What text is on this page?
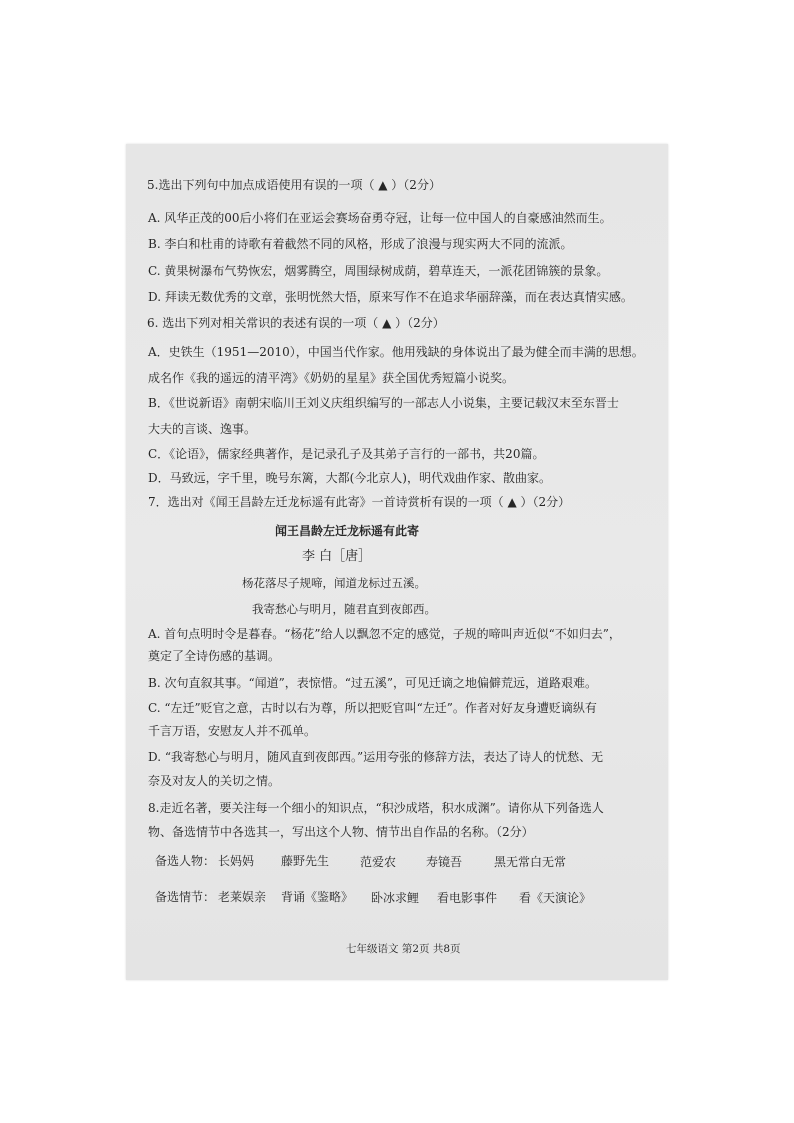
5.选出下列句中加点成语使用有误的一项（ ▲ ）（2分）
A. 风华正茂的00后小将们在亚运会赛场奋勇夺冠，让每一位中国人的自豪感油然而生。
B. 李白和杜甫的诗歌有着截然不同的风格，形成了浪漫与现实两大不同的流派。
C. 黄果树瀑布气势恢宏，烟雾腾空，周围绿树成荫，碧草连天，一派花团锦簇的景象。
D. 拜读无数优秀的文章，张明恍然大悟，原来写作不在追求华丽辞藻，而在表达真情实感。
6. 选出下列对相关常识的表述有误的一项（ ▲ ）（2分）
A．史铁生（1951—2010），中国当代作家。他用残缺的身体说出了最为健全而丰满的思想。
成名作《我的遥远的清平湾》《奶奶的星星》获全国优秀短篇小说奖。
B．《世说新语》南朝宋临川王刘义庆组织编写的一部志人小说集，主要记载汉末至东晋士
大夫的言谈、逸事。
C．《论语》，儒家经典著作，是记录孔子及其弟子言行的一部书，共20篇。
D．马致远，字千里，晚号东篱，大都(今北京人)，明代戏曲作家、散曲家。
7．选出对《闻王昌龄左迁龙标遥有此寄》一首诗赏析有误的一项（ ▲ ）（2分）
闻王昌龄左迁龙标遥有此寄
李 白［唐］
杨花落尽子规啼，闻道龙标过五溪。
我寄愁心与明月，随君直到夜郎西。
A. 首句点明时令是暮春。“杨花”给人以飘忽不定的感觉，子规的啼叫声近似“不如归去”，
奠定了全诗伤感的基调。
B. 次句直叙其事。“闻道”，表惊惜。“过五溪”，可见迁谪之地偏僻荒远，道路艰难。
C. “左迁”贬官之意，古时以右为尊，所以把贬官叫“左迁”。作者对好友身遭贬谪纵有
千言万语，安慰友人并不孤单。
D. “我寄愁心与明月，随风直到夜郎西。”运用夸张的修辞方法，表达了诗人的忧愁、无
奈及对友人的关切之情。
8.走近名著，要关注每一个细小的知识点，“积沙成塔，积水成渊”。请你从下列备选人
物、备选情节中各选其一，写出这个人物、情节出自作品的名称。（2分）
备选人物： 长妈妈 藤野先生	范爱农 寿镜吾	黑无常白无常
备选情节： 老莱娱亲 背诵《鉴略》 卧冰求鲤 看电影事件 看《天演论》
七年级语文 第2页 共8页
